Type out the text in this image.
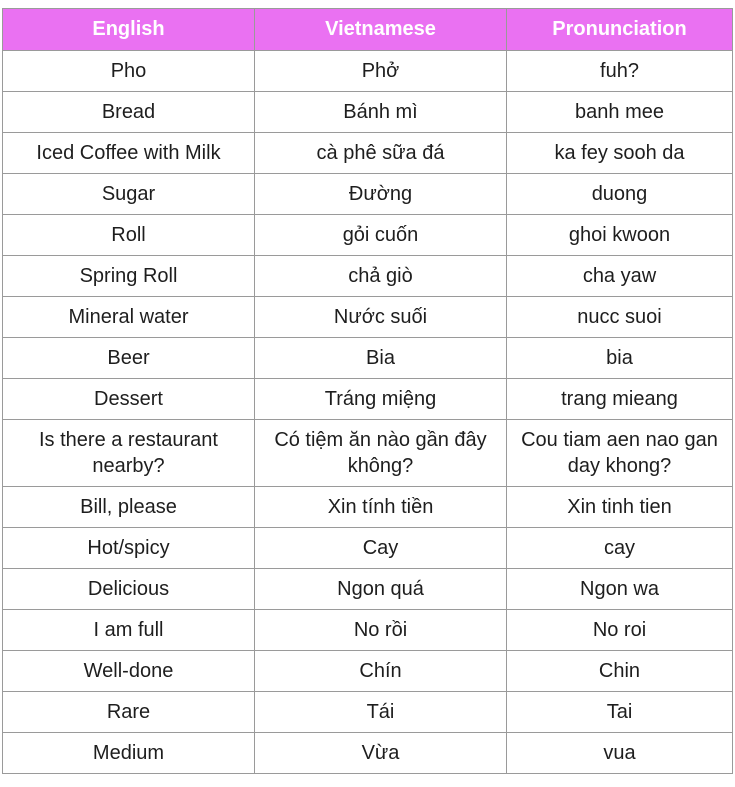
English	Vietnamese	Pronunciation
Pho	Phở	fuh?
Bread	Bánh mì	banh mee
Iced Coffee with Milk	cà phê sữa đá	ka fey sooh da
Sugar	Đường	duong
Roll	gỏi cuốn	ghoi kwoon
Spring Roll	chả giò	cha yaw
Mineral water	Nước suối	nucc suoi
Beer	Bia	bia
Dessert	Tráng miệng	trang mieang
Is there a restaurant nearby?	Có tiệm ăn nào gần đây không?	Cou tiam aen nao gan day khong?
Bill, please	Xin tính tiền	Xin tinh tien
Hot/spicy	Cay	cay
Delicious	Ngon quá	Ngon wa
I am full	No rồi	No roi
Well-done	Chín	Chin
Rare	Tái	Tai
Medium	Vừa	vua
